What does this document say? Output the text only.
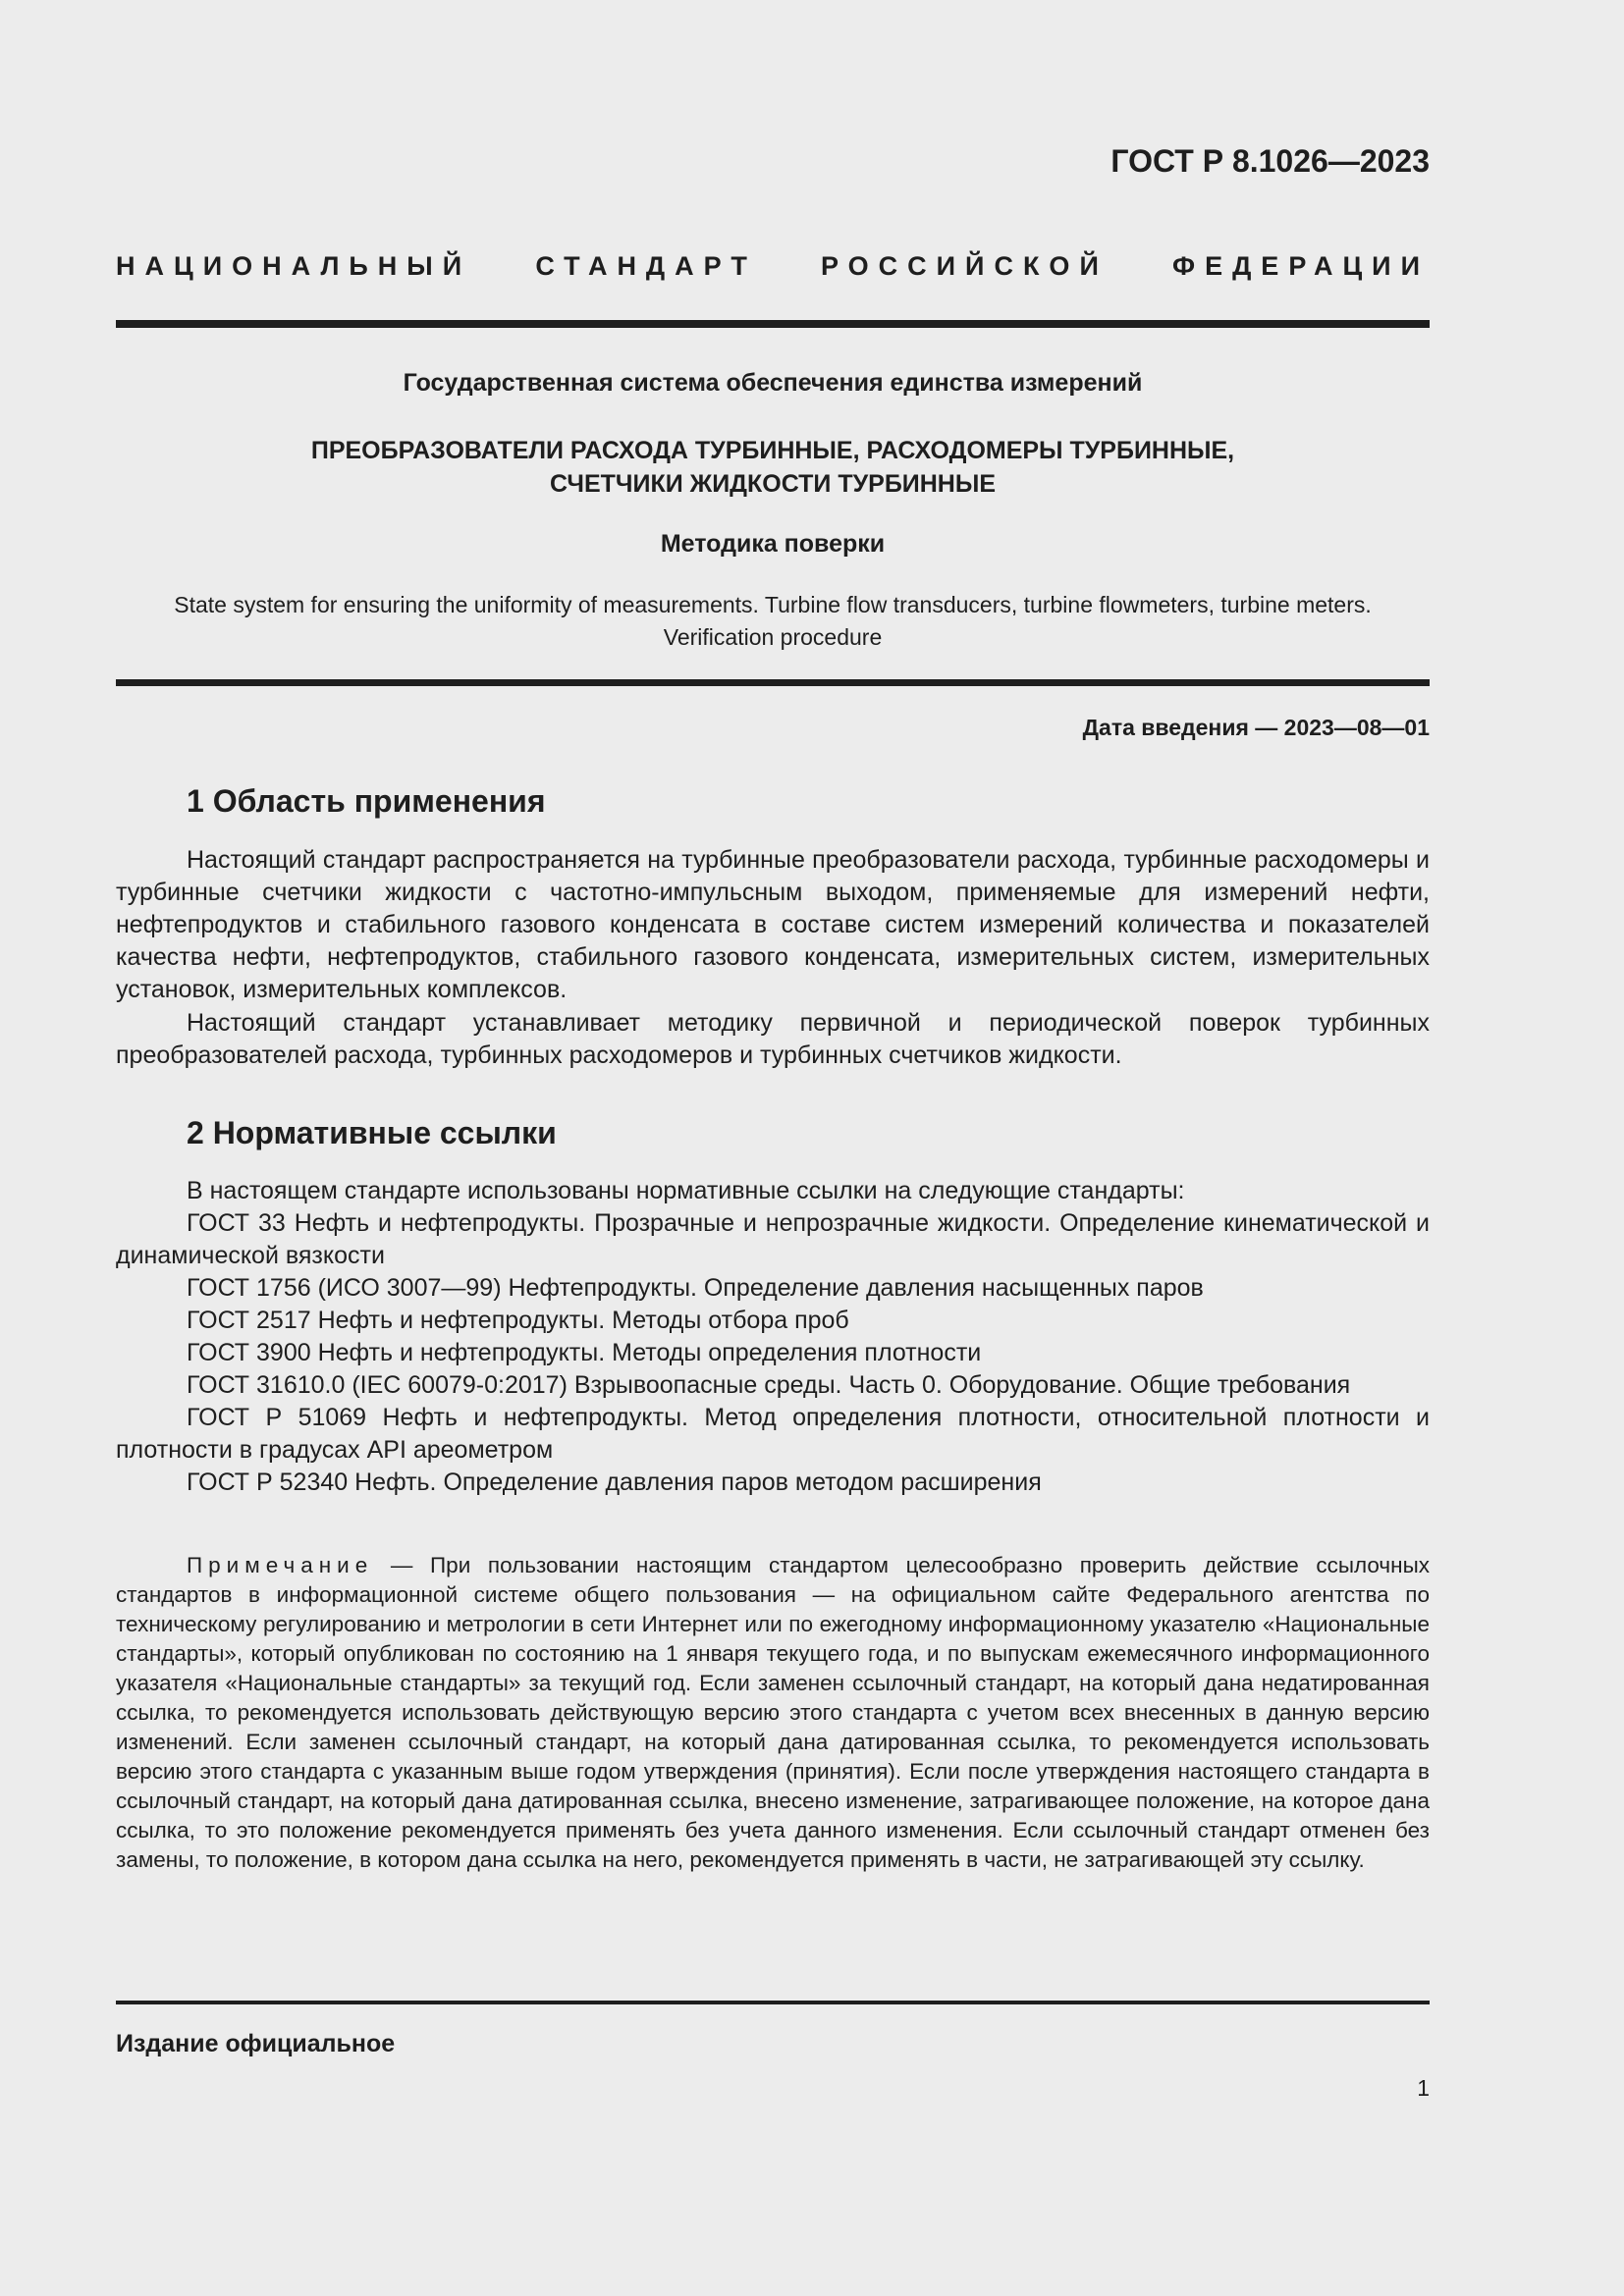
ГОСТ Р 8.1026—2023
НАЦИОНАЛЬНЫЙ СТАНДАРТ РОССИЙСКОЙ ФЕДЕРАЦИИ
Государственная система обеспечения единства измерений
ПРЕОБРАЗОВАТЕЛИ РАСХОДА ТУРБИННЫЕ, РАСХОДОМЕРЫ ТУРБИННЫЕ,
СЧЕТЧИКИ ЖИДКОСТИ ТУРБИННЫЕ
Методика поверки
State system for ensuring the uniformity of measurements. Turbine flow transducers, turbine flowmeters, turbine meters.
Verification procedure
Дата введения — 2023—08—01
1 Область применения

Настоящий стандарт распространяется на турбинные преобразователи расхода, турбинные расходомеры и турбинные счетчики жидкости с частотно-импульсным выходом, применяемые для измерений нефти, нефтепродуктов и стабильного газового конденсата в составе систем измерений количества и показателей качества нефти, нефтепродуктов, стабильного газового конденсата, измерительных систем, измерительных установок, измерительных комплексов.

Настоящий стандарт устанавливает методику первичной и периодической поверок турбинных преобразователей расхода, турбинных расходомеров и турбинных счетчиков жидкости.

2 Нормативные ссылки

В настоящем стандарте использованы нормативные ссылки на следующие стандарты:

ГОСТ 33 Нефть и нефтепродукты. Прозрачные и непрозрачные жидкости. Определение кинематической и динамической вязкости

ГОСТ 1756 (ИСО 3007—99) Нефтепродукты. Определение давления насыщенных паров

ГОСТ 2517 Нефть и нефтепродукты. Методы отбора проб

ГОСТ 3900 Нефть и нефтепродукты. Методы определения плотности

ГОСТ 31610.0 (IEC 60079-0:2017) Взрывоопасные среды. Часть 0. Оборудование. Общие требования

ГОСТ Р 51069 Нефть и нефтепродукты. Метод определения плотности, относительной плотности и плотности в градусах API ареометром

ГОСТ Р 52340 Нефть. Определение давления паров методом расширения

Примечание — При пользовании настоящим стандартом целесообразно проверить действие ссылочных стандартов в информационной системе общего пользования — на официальном сайте Федерального агентства по техническому регулированию и метрологии в сети Интернет или по ежегодному информационному указателю «Национальные стандарты», который опубликован по состоянию на 1 января текущего года, и по выпускам ежемесячного информационного указателя «Национальные стандарты» за текущий год. Если заменен ссылочный стандарт, на который дана недатированная ссылка, то рекомендуется использовать действующую версию этого стандарта с учетом всех внесенных в данную версию изменений. Если заменен ссылочный стандарт, на который дана датированная ссылка, то рекомендуется использовать версию этого стандарта с указанным выше годом утверждения (принятия). Если после утверждения настоящего стандарта в ссылочный стандарт, на который дана датированная ссылка, внесено изменение, затрагивающее положение, на которое дана ссылка, то это положение рекомендуется применять без учета данного изменения. Если ссылочный стандарт отменен без замены, то положение, в котором дана ссылка на него, рекомендуется применять в части, не затрагивающей эту ссылку.

Издание официальное
1
